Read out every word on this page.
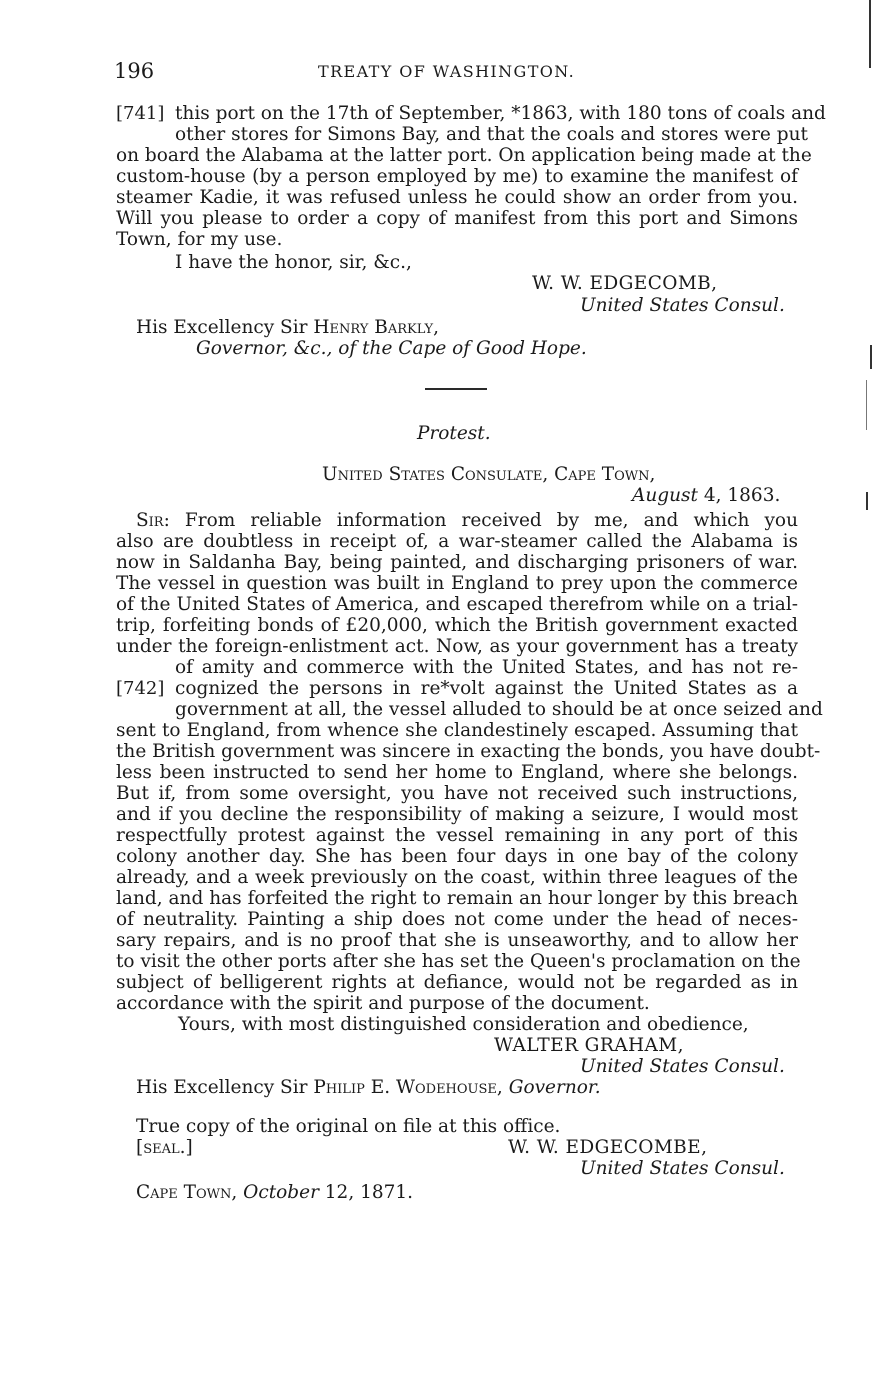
196	TREATY OF WASHINGTON.
[741] this port on the 17th of September, *1863, with 180 tons of coals and
other stores for Simons Bay, and that the coals and stores were put
on board the Alabama at the latter port. On application being made at the
custom-house (by a person employed by me) to examine the manifest of
steamer Kadie, it was refused unless he could show an order from you.
Will you please to order a copy of manifest from this port and Simons
Town, for my use.
I have the honor, sir, &c.,
W. W. EDGECOMB,
United States Consul.
His Excellency Sir Henry Barkly,
Governor, &c., of the Cape of Good Hope.
Protest.
United States Consulate, Cape Town,
August 4, 1863.
Sir: From reliable information received by me, and which you
also are doubtless in receipt of, a war-steamer called the Alabama is
now in Saldanha Bay, being painted, and discharging prisoners of war.
The vessel in question was built in England to prey upon the commerce
of the United States of America, and escaped therefrom while on a trial-
trip, forfeiting bonds of £20,000, which the British government exacted
under the foreign-enlistment act. Now, as your government has a treaty
of amity and commerce with the United States, and has not re-
[742] cognized the persons in re*volt against the United States as a
government at all, the vessel alluded to should be at once seized and
sent to England, from whence she clandestinely escaped. Assuming that
the British government was sincere in exacting the bonds, you have doubt-
less been instructed to send her home to England, where she belongs.
But if, from some oversight, you have not received such instructions,
and if you decline the responsibility of making a seizure, I would most
respectfully protest against the vessel remaining in any port of this
colony another day. She has been four days in one bay of the colony
already, and a week previously on the coast, within three leagues of the
land, and has forfeited the right to remain an hour longer by this breach
of neutrality. Painting a ship does not come under the head of neces-
sary repairs, and is no proof that she is unseaworthy, and to allow her
to visit the other ports after she has set the Queen's proclamation on the
subject of belligerent rights at defiance, would not be regarded as in
accordance with the spirit and purpose of the document.
Yours, with most distinguished consideration and obedience,
WALTER GRAHAM,
United States Consul.
His Excellency Sir Philip E. Wodehouse, Governor.
True copy of the original on file at this office.
[seal.]	W. W. EDGECOMBE,
United States Consul.
Cape Town, October 12, 1871.
